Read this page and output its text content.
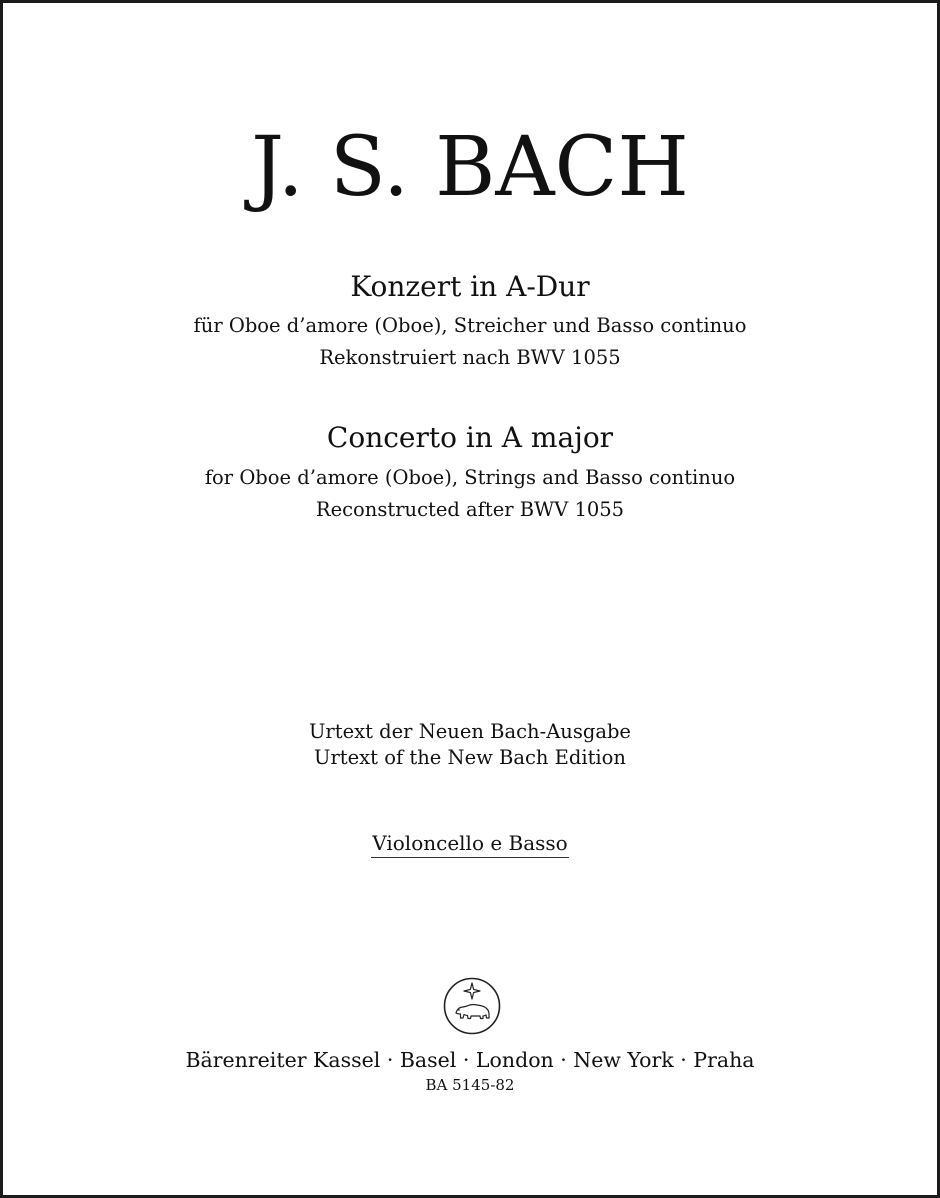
J. S. BACH
Konzert in A-Dur
für Oboe d’amore (Oboe), Streicher und Basso continuo
Rekonstruiert nach BWV 1055
Concerto in A major
for Oboe d’amore (Oboe), Strings and Basso continuo
Reconstructed after BWV 1055
Urtext der Neuen Bach-Ausgabe
Urtext of the New Bach Edition
Violoncello e Basso
Bärenreiter Kassel · Basel · London · New York · Praha
BA 5145-82
